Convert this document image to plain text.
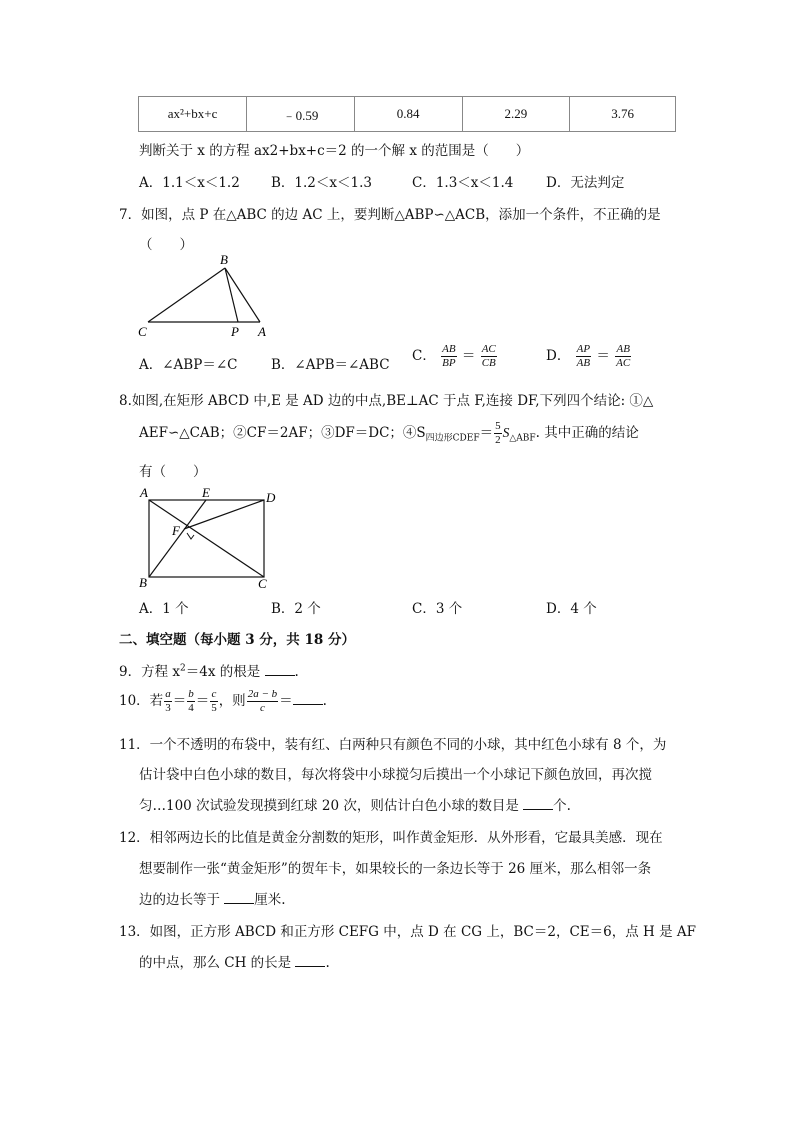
ax²+bx+c	﹣0.59	0.84	2.29	3.76
判断关于 x 的方程 ax2+bx+c＝2 的一个解 x 的范围是（　　）
A．1.1＜x＜1.2 B．1.2＜x＜1.3	C．1.3＜x＜1.4 D．无法判定
7．如图，点 P 在△ABC 的边 AC 上，要判断△ABP∽△ACB，添加一个条件，不正确的是
（　　）
B
C	P A
A．∠ABP＝∠C B．∠APB＝∠ABC
C． $\frac{AB}{BP} = \frac{AC}{CB}$	D． $\frac{AP}{AB} = \frac{AB}{AC}$
8.如图,在矩形 ABCD 中,E 是 AD 边的中点,BE⊥AC 于点 F,连接 DF,下列四个结论: ①△
AEF∽△CAB；②CF＝2AF；③DF＝DC；$④S_{四边形CDEF}= \frac{5}{2} S_{\triangle ABF}$. 其中正确的结论
有（　　）
A	E	D
F
B	C
A．1 个	B．2 个	C．3 个	D．4 个
二、填空题（每小题 3 分，共 18 分）
9．方程 $x^2=4x$ 的根是	.
10．若 $\frac{a}{3} = \frac{b}{4} = \frac{c}{5}$ ，则 $\frac{2a - b}{c}$ ＝ .
11．一个不透明的布袋中，装有红、白两种只有颜色不同的小球，其中红色小球有 8 个，为
估计袋中白色小球的数目，每次将袋中小球搅匀后摸出一个小球记下颜色放回，再次搅
匀…100 次试验发现摸到红球 20 次，则估计白色小球的数目是	个.
12．相邻两边长的比值是黄金分割数的矩形，叫作黄金矩形．从外形看，它最具美感．现在
想要制作一张“黄金矩形”的贺年卡，如果较长的一条边长等于 26 厘米，那么相邻一条
边的边长等于	厘米.
13．如图，正方形 ABCD 和正方形 CEFG 中，点 D 在 CG 上，BC＝2，CE＝6，点 H 是 AF
的中点，那么 CH 的长是	.
